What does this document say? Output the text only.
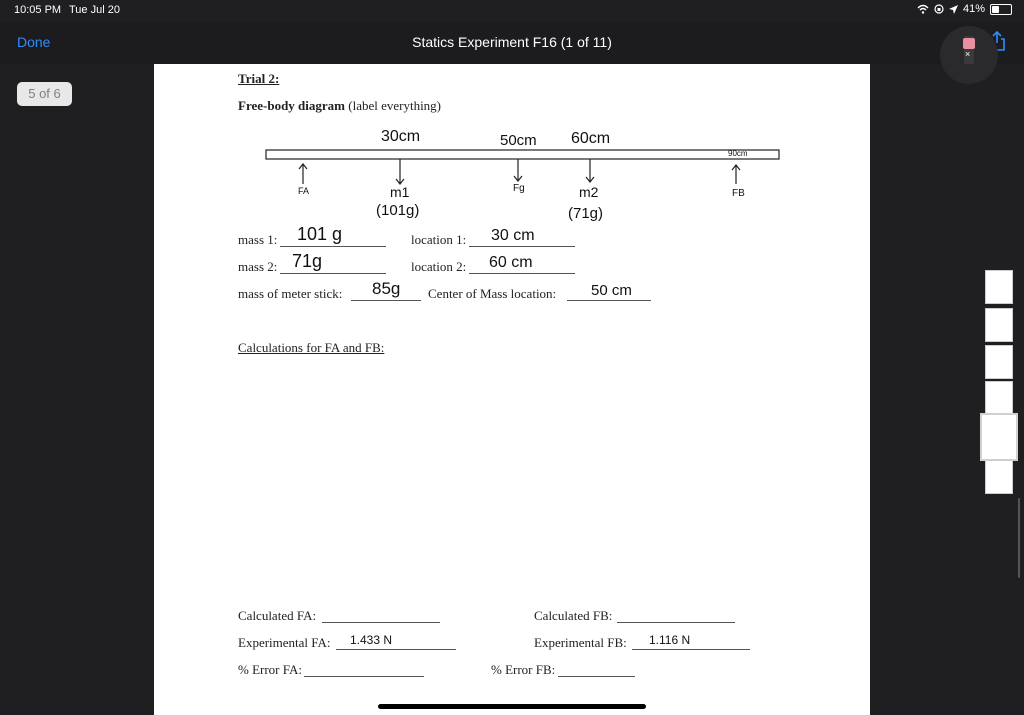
10:05 PM Tue Jul 20	41%
Done	Statics Experiment F16 (1 of 11)
×
5 of 6
Trial 2:
Free-body diagram (label everything)
30cm	50cm 60cm
90cm
FA	m1
(101g)
Fg	m2
(71g)
FB
mass 1: 101 g	location 1: 30 cm
mass 2: 71g	location 2: 60 cm
mass of meter stick: 85g Center of Mass location: 50 cm
Calculations for FA and FB:
Calculated FA:	Calculated FB:
Experimental FA: 1.433 N	Experimental FB: 1.116 N
% Error FA:	% Error FB:
